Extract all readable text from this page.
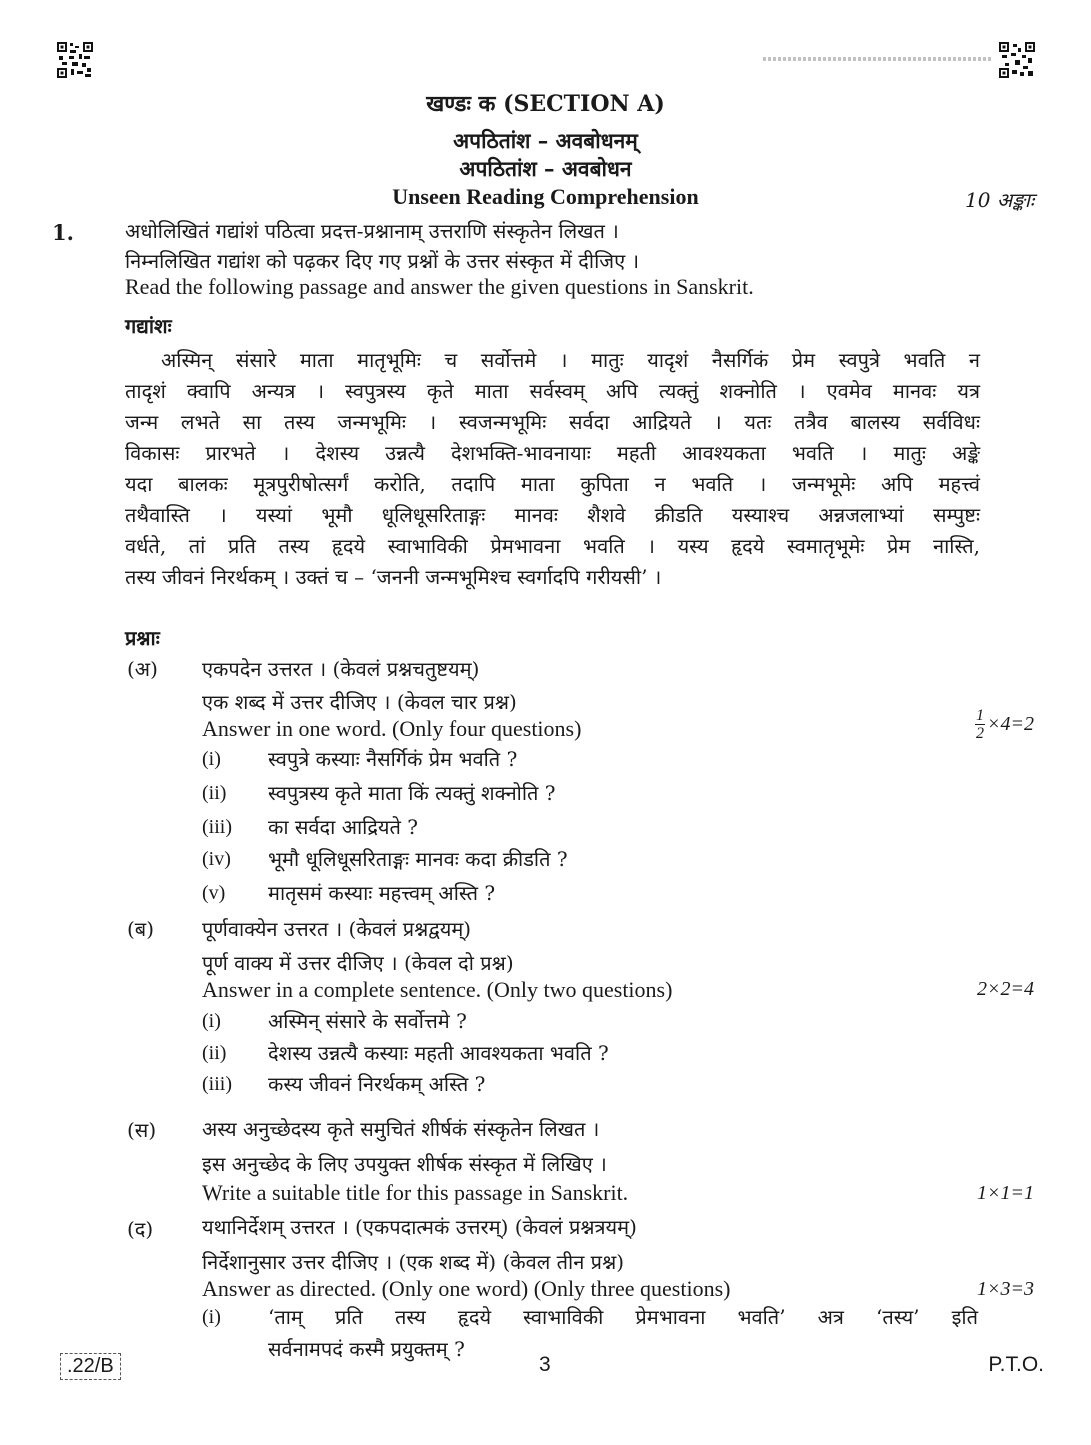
खण्डः क (SECTION A)
अपठितांश – अवबोधनम्
अपठितांश – अवबोधन
Unseen Reading Comprehension	10 अङ्काः
1.	अधोलिखितं गद्यांशं पठित्वा प्रदत्त-प्रश्नानाम् उत्तराणि संस्कृतेन लिखत ।
निम्नलिखित गद्यांश को पढ़कर दिए गए प्रश्नों के उत्तर संस्कृत में दीजिए ।
Read the following passage and answer the given questions in Sanskrit.
गद्यांशः
अस्मिन् संसारे माता मातृभूमिः च सर्वोत्तमे । मातुः यादृशं नैसर्गिकं प्रेम स्वपुत्रे भवति न
तादृशं क्वापि अन्यत्र । स्वपुत्रस्य कृते माता सर्वस्वम् अपि त्यक्तुं शक्नोति । एवमेव मानवः यत्र
जन्म लभते सा तस्य जन्मभूमिः । स्वजन्मभूमिः सर्वदा आद्रियते । यतः तत्रैव बालस्य सर्वविधः
विकासः प्रारभते । देशस्य उन्नत्यै देशभक्ति-भावनायाः महती आवश्यकता भवति । मातुः अङ्के
यदा बालकः मूत्रपुरीषोत्सर्गं करोति, तदापि माता कुपिता न भवति । जन्मभूमेः अपि महत्त्वं
तथैवास्ति । यस्यां भूमौ धूलिधूसरिताङ्गः मानवः शैशवे क्रीडति यस्याश्च अन्नजलाभ्यां सम्पुष्टः
वर्धते, तां प्रति तस्य हृदये स्वाभाविकी प्रेमभावना भवति । यस्य हृदये स्वमातृभूमेः प्रेम नास्ति,
तस्य जीवनं निरर्थकम् । उक्तं च – ‘जननी जन्मभूमिश्च स्वर्गादपि गरीयसी’ ।
प्रश्नाः
(अ) एकपदेन उत्तरत । (केवलं प्रश्नचतुष्टयम्)
एक शब्द में उत्तर दीजिए । (केवल चार प्रश्न)
Answer in one word. (Only four questions)	$\frac{1}{2} \times 4=2$
(i) स्वपुत्रे कस्याः नैसर्गिकं प्रेम भवति ?
(ii) स्वपुत्रस्य कृते माता किं त्यक्तुं शक्नोति ?
(iii) का सर्वदा आद्रियते ?
(iv) भूमौ धूलिधूसरिताङ्गः मानवः कदा क्रीडति ?
(v) मातृसमं कस्याः महत्त्वम् अस्ति ?
(ब) पूर्णवाक्येन उत्तरत । (केवलं प्रश्नद्वयम्)
पूर्ण वाक्य में उत्तर दीजिए । (केवल दो प्रश्न)
Answer in a complete sentence. (Only two questions)	2×2=4
(i) अस्मिन् संसारे के सर्वोत्तमे ?
(ii) देशस्य उन्नत्यै कस्याः महती आवश्यकता भवति ?
(iii) कस्य जीवनं निरर्थकम् अस्ति ?
(स) अस्य अनुच्छेदस्य कृते समुचितं शीर्षकं संस्कृतेन लिखत ।
इस अनुच्छेद के लिए उपयुक्त शीर्षक संस्कृत में लिखिए ।
Write a suitable title for this passage in Sanskrit.	1×1=1
(द) यथानिर्देशम् उत्तरत । (एकपदात्मकं उत्तरम्) (केवलं प्रश्नत्रयम्)
निर्देशानुसार उत्तर दीजिए । (एक शब्द में) (केवल तीन प्रश्न)
Answer as directed. (Only one word) (Only three questions)	1×3=3
(i) ‘ताम् प्रति तस्य हृदये स्वाभाविकी प्रेमभावना भवति’ अत्र ‘तस्य’ इति
सर्वनामपदं कस्मै प्रयुक्तम् ?
.22/B	3	P.T.O.
